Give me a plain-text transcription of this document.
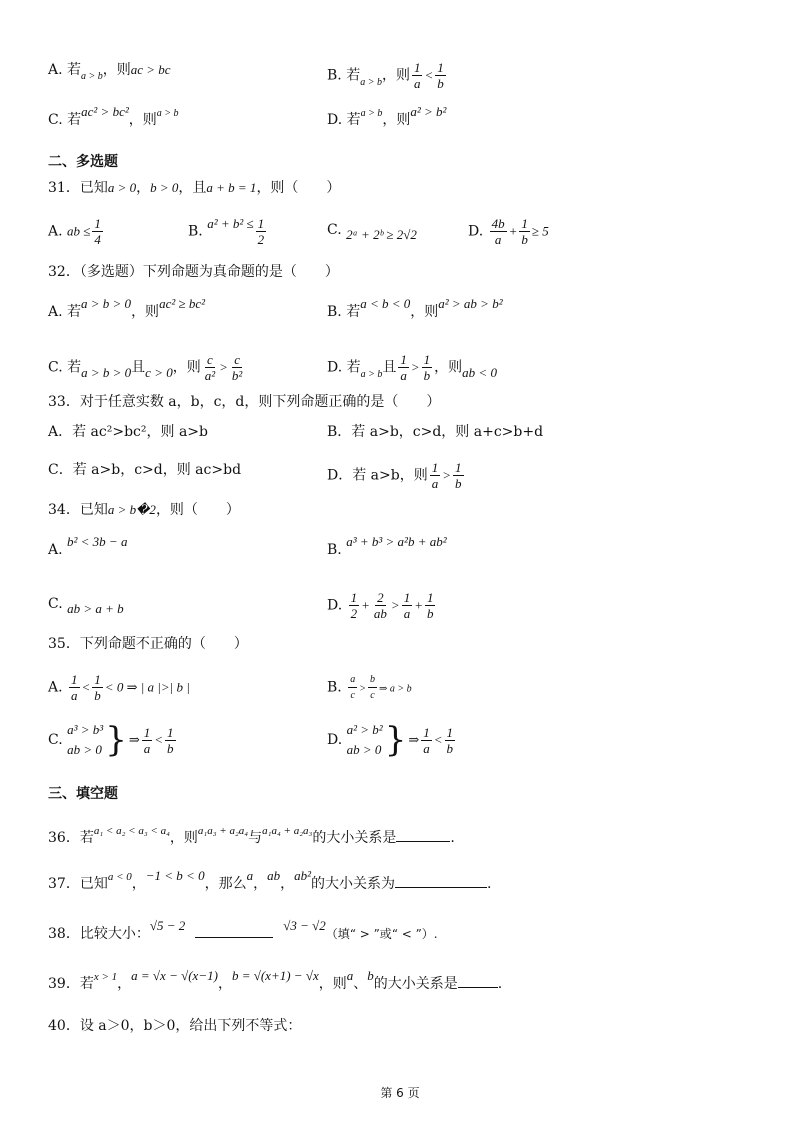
A. 若$_{a > b}$，则ac > bc	B. 若$_{a > b}$，则 $\frac{1}{a} < \frac{1}{b}$
C. 若ac² > bc²，则$^{a > b}$	D. 若$^{a > b}$，则a² > b²
二、多选题
31．已知a > 0，b > 0，且a + b = 1，则（　　）
A. ab ≤ $\frac{1}{4}$	B. $a^2 + b^2 \le \frac{1}{2}$	C. 2ᵃ + 2ᵇ ≥ 2√2	D. $\frac{4b}{a} + \frac{1}{b} \ge 5$
32．（多选题）下列命题为真命题的是（　　）
A. 若a > b > 0，则ac² ≥ bc²
B. 若a < b < 0，则a² > ab > b²
C. 若a > b > 0且c > 0，则 $\frac{c}{\text{a²}} > \frac{c}{\text{b²}}$	D. 若$_{a > b}$且 $\frac{1}{a} > \frac{1}{b}$ ，则ab < 0
33．对于任意实数 a，b，c，d，则下列命题正确的是（　　）
A．若 ac²>bc²，则 a>b	B．若 a>b，c>d，则 a+c>b+d
C．若 a>b，c>d，则 ac>bd	D．若 a>b，则 $\frac{1}{a} > \frac{1}{b}$
34．已知a > b�2，则（　　）
A. b² < 3b − a
B. a³ + b³ > a²b + ab²
C. ab > a + b	D. $\frac{1}{2} + \frac{2}{ab} > \frac{1}{a} + \frac{1}{b}$
35．下列命题不正确的（　　）
A. $\frac{1}{a} < \frac{1}{b} < 0$ ⇒ | a |>| b |	B. $\frac{a}{c} > \frac{b}{c}$ ⇒ a > b
C.
a³ > b³
ab > 0 } ⇒ $\frac{1}{a} < \frac{1}{b}$	D.
a² > b²
ab > 0 } ⇒ $\frac{1}{a} < \frac{1}{b}$
三、填空题
36．若$^{a_1 < a_2 < a_3 < a_4}$，则$^{a_1a_3 + a_2a_4}$与$^{a_1a_4 + a_2a_3}$的大小关系是	.
37．已知$^{a < 0}$，−1 < b < 0，那么a，ab，ab²的大小关系为	.
38．比较大小：√5 − 2	√3 − √2（填“ > ”或“ < ”）.
39．若$^{x > 1}$，a = √x − √(x−1)，b = √(x+1) − √x，则a、b的大小关系是	.
40．设 a＞0，b＞0，给出下列不等式：
第 6 页
